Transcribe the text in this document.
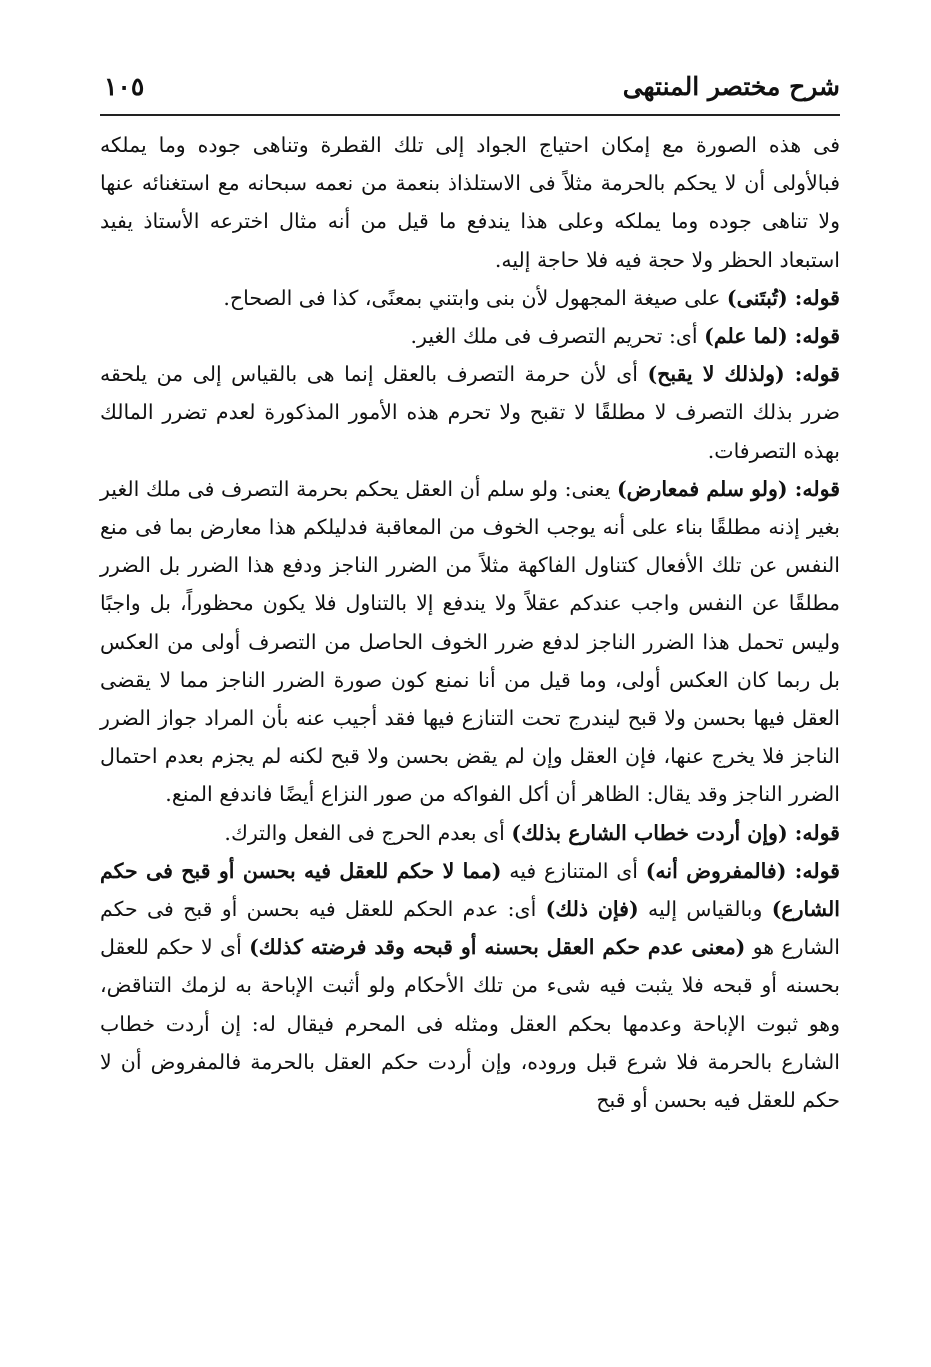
شرح مختصر المنتهى
١٠٥

فى هذه الصورة مع إمكان احتياج الجواد إلى تلك القطرة وتناهى جوده وما يملكه فبالأولى أن لا يحكم بالحرمة مثلاً فى الاستلذاذ بنعمة من نعمه سبحانه مع استغنائه عنها ولا تناهى جوده وما يملكه وعلى هذا يندفع ما قيل من أنه مثال اخترعه الأستاذ يفيد استبعاد الحظر ولا حجة فيه فلا حاجة إليه.

قوله: (تُبتَنى) على صيغة المجهول لأن بنى وابتني بمعنًى، كذا فى الصحاح.

قوله: (لما علم) أى: تحريم التصرف فى ملك الغير.

قوله: (ولذلك لا يقبح) أى لأن حرمة التصرف بالعقل إنما هى بالقياس إلى من يلحقه ضرر بذلك التصرف لا مطلقًا لا تقبح ولا تحرم هذه الأمور المذكورة لعدم تضرر المالك بهذه التصرفات.

قوله: (ولو سلم فمعارض) يعنى: ولو سلم أن العقل يحكم بحرمة التصرف فى ملك الغير بغير إذنه مطلقًا بناء على أنه يوجب الخوف من المعاقبة فدليلكم هذا معارض بما فى منع النفس عن تلك الأفعال كتناول الفاكهة مثلاً من الضرر الناجز ودفع هذا الضرر بل الضرر مطلقًا عن النفس واجب عندكم عقلاً ولا يندفع إلا بالتناول فلا يكون محظوراً، بل واجبًا وليس تحمل هذا الضرر الناجز لدفع ضرر الخوف الحاصل من التصرف أولى من العكس بل ربما كان العكس أولى، وما قيل من أنا نمنع كون صورة الضرر الناجز مما لا يقضى العقل فيها بحسن ولا قبح ليندرج تحت التنازع فيها فقد أجيب عنه بأن المراد جواز الضرر الناجز فلا يخرج عنها، فإن العقل وإن لم يقض بحسن ولا قبح لكنه لم يجزم بعدم احتمال الضرر الناجز وقد يقال: الظاهر أن أكل الفواكه من صور النزاع أيضًا فاندفع المنع.

قوله: (وإن أردت خطاب الشارع بذلك) أى بعدم الحرج فى الفعل والترك.

قوله: (فالمفروض أنه) أى المتنازع فيه (مما لا حكم للعقل فيه بحسن أو قبح فى حكم الشارع) وبالقياس إليه (فإن ذلك) أى: عدم الحكم للعقل فيه بحسن أو قبح فى حكم الشارع هو (معنى عدم حكم العقل بحسنه أو قبحه وقد فرضته كذلك) أى لا حكم للعقل بحسنه أو قبحه فلا يثبت فيه شىء من تلك الأحكام ولو أثبت الإباحة به لزمك التناقض، وهو ثبوت الإباحة وعدمها بحكم العقل ومثله فى المحرم فيقال له: إن أردت خطاب الشارع بالحرمة فلا شرع قبل وروده، وإن أردت حكم العقل بالحرمة فالمفروض أن لا حكم للعقل فيه بحسن أو قبح
